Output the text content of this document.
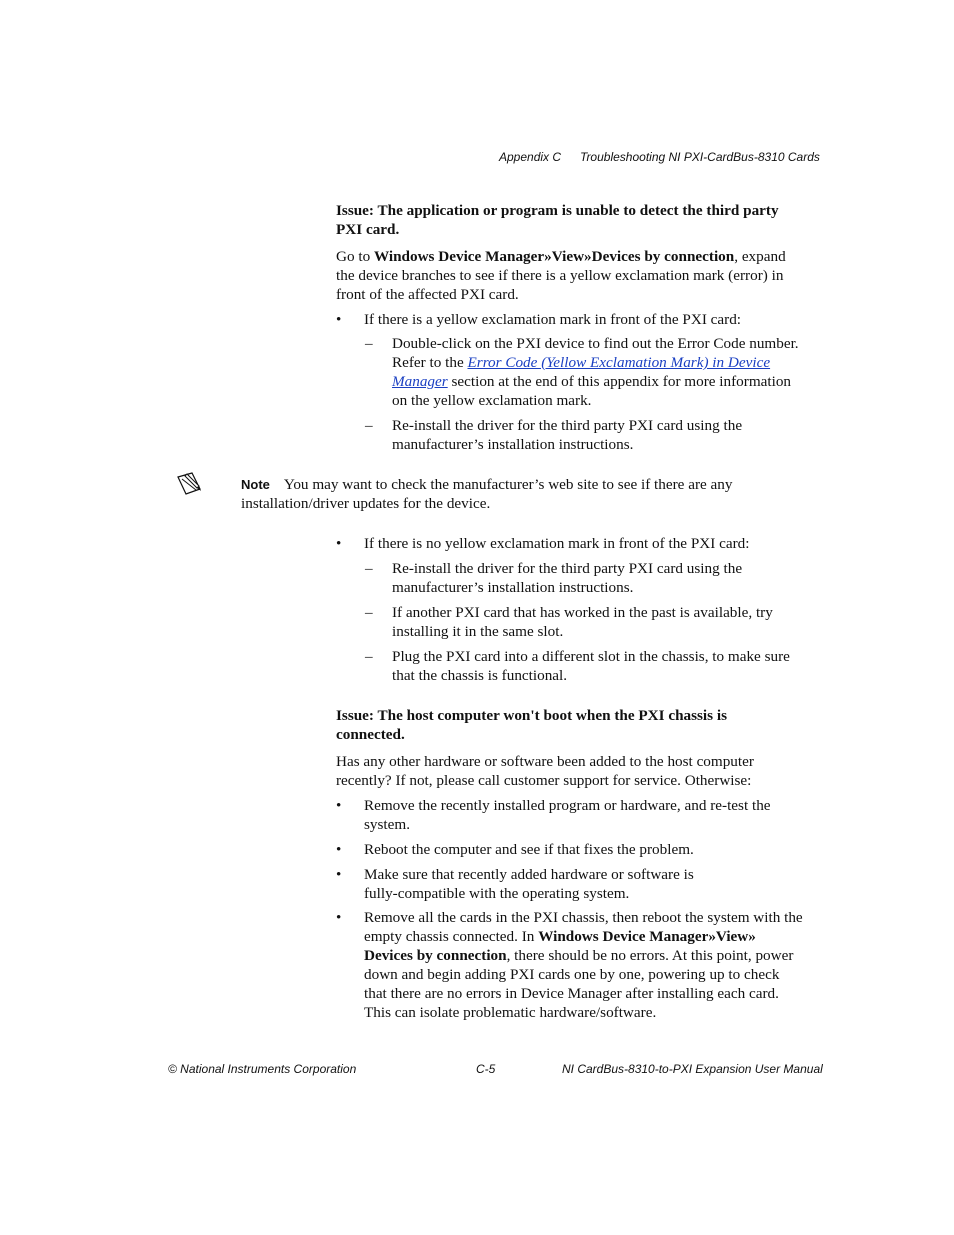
Appendix C Troubleshooting NI PXI-CardBus-8310 Cards
Issue: The application or program is unable to detect the third party PXI card.

Go to Windows Device Manager»View»Devices by connection, expand the device branches to see if there is a yellow exclamation mark (error) in front of the affected PXI card.

• If there is a yellow exclamation mark in front of the PXI card:
– Double-click on the PXI device to find out the Error Code number. Refer to the Error Code (Yellow Exclamation Mark) in Device Manager section at the end of this appendix for more information on the yellow exclamation mark.

– Re-install the driver for the third party PXI card using the manufacturer’s installation instructions.

Note You may want to check the manufacturer’s web site to see if there are any installation/driver updates for the device.

• If there is no yellow exclamation mark in front of the PXI card:
– Re-install the driver for the third party PXI card using the manufacturer’s installation instructions.
– If another PXI card that has worked in the past is available, try installing it in the same slot.
– Plug the PXI card into a different slot in the chassis, to make sure that the chassis is functional.
Issue: The host computer won't boot when the PXI chassis is connected.
Has any other hardware or software been added to the host computer recently? If not, please call customer support for service. Otherwise:
• Remove the recently installed program or hardware, and re-test the system.
• Reboot the computer and see if that fixes the problem.
• Make sure that recently added hardware or software is fully-compatible with the operating system.
• Remove all the cards in the PXI chassis, then reboot the system with the empty chassis connected. In Windows Device Manager»View» Devices by connection, there should be no errors. At this point, power down and begin adding PXI cards one by one, powering up to check that there are no errors in Device Manager after installing each card. This can isolate problematic hardware/software.

© National Instruments Corporation	C-5	NI CardBus-8310-to-PXI Expansion User Manual
